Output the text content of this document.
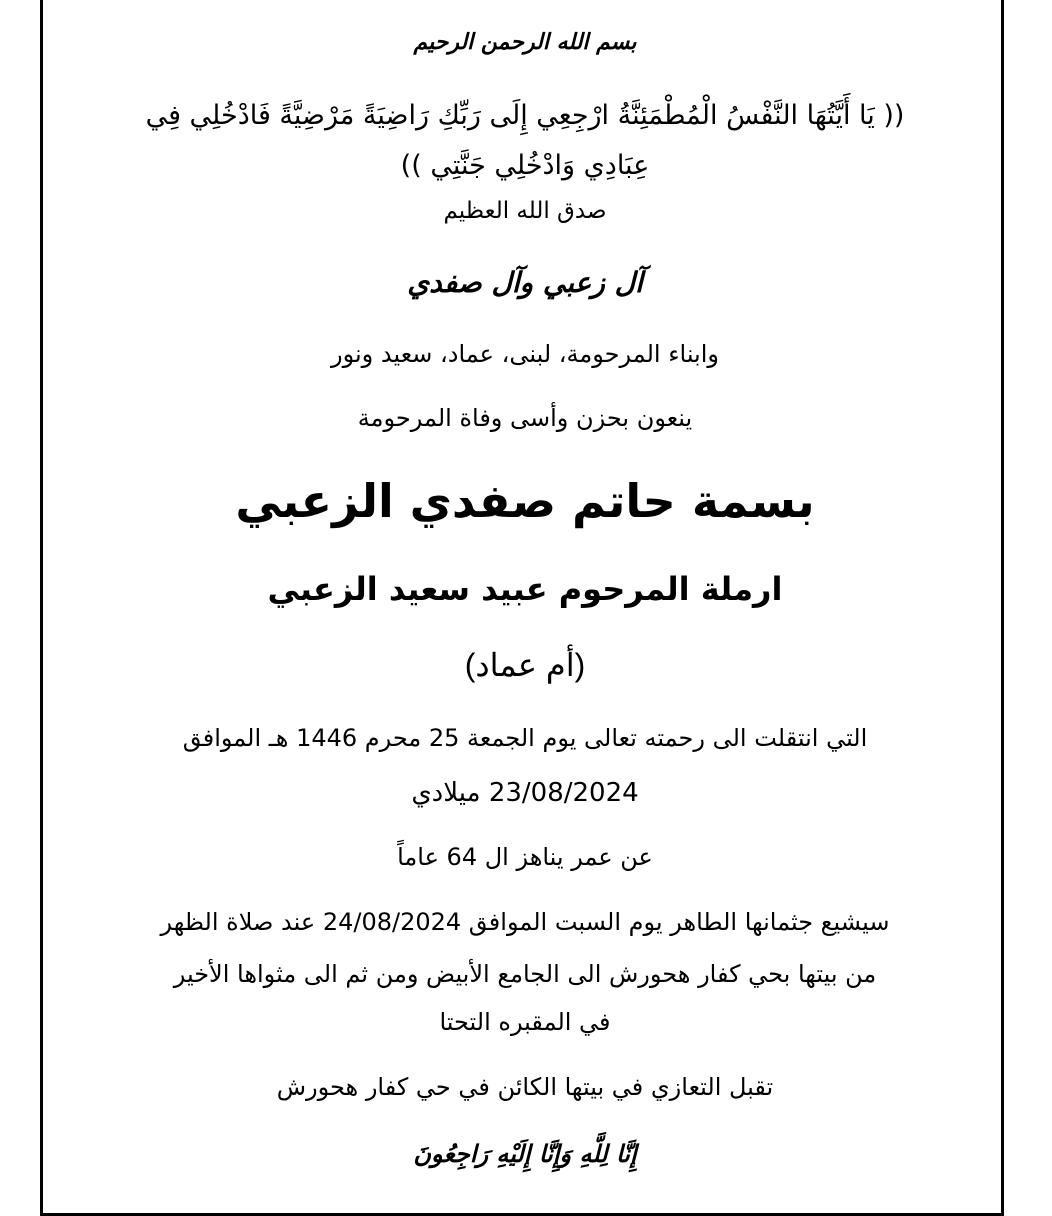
بسم الله الرحمن الرحيم
(( يَا أَيَّتُهَا النَّفْسُ الْمُطْمَئِنَّةُ ارْجِعِي إِلَى رَبِّكِ رَاضِيَةً مَرْضِيَّةً فَادْخُلِي فِي
عِبَادِي وَادْخُلِي جَنَّتِي ))
صدق الله العظيم
آل زعبي وآل صفدي
وابناء المرحومة، لبنى، عماد، سعيد ونور
ينعون بحزن وأسى وفاة المرحومة
بسمة حاتم صفدي الزعبي
ارملة المرحوم عبيد سعيد الزعبي
(أم عماد)
التي انتقلت الى رحمته تعالى يوم الجمعة 25 محرم 1446 هـ الموافق
23/08/2024 ميلادي
عن عمر يناهز ال 64 عاماً
سيشيع جثمانها الطاهر يوم السبت الموافق 24/08/2024 عند صلاة الظهر
من بيتها بحي كفار هحورش الى الجامع الأبيض ومن ثم الى مثواها الأخير
في المقبره التحتا
تقبل التعازي في بيتها الكائن في حي كفار هحورش
إِنَّا لِلَّهِ وَإِنَّا إِلَيْهِ رَاجِعُونَ
